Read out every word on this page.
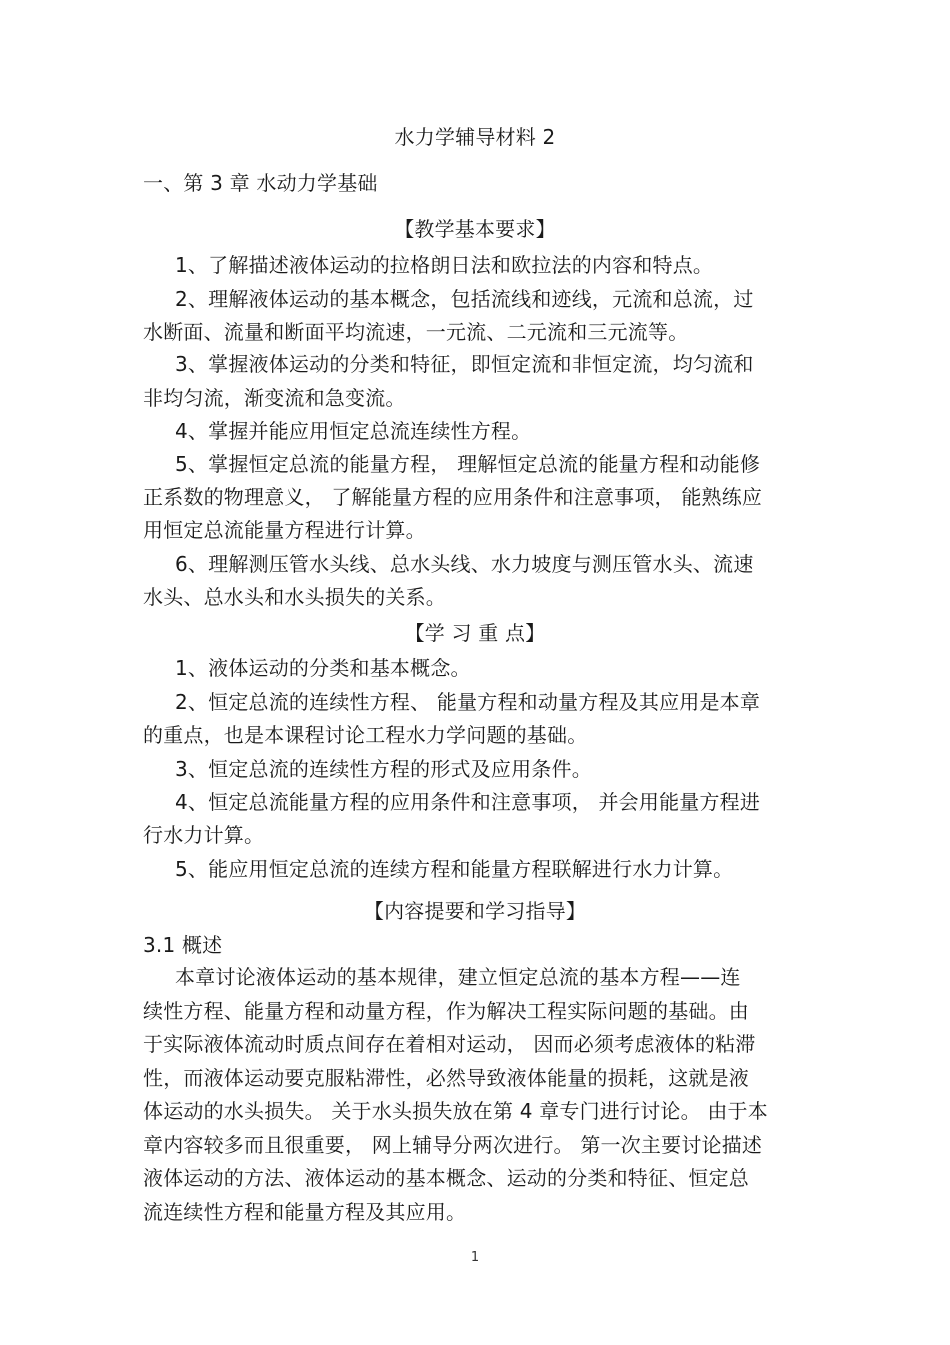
水力学辅导材料 2
一、第 3 章 水动力学基础
【教学基本要求】
1、了解描述液体运动的拉格朗日法和欧拉法的内容和特点。
2、理解液体运动的基本概念，包括流线和迹线，元流和总流，过
水断面、流量和断面平均流速，一元流、二元流和三元流等。
3、掌握液体运动的分类和特征，即恒定流和非恒定流，均匀流和
非均匀流，渐变流和急变流。
4、掌握并能应用恒定总流连续性方程。
5、掌握恒定总流的能量方程， 理解恒定总流的能量方程和动能修
正系数的物理意义， 了解能量方程的应用条件和注意事项， 能熟练应
用恒定总流能量方程进行计算。
6、理解测压管水头线、总水头线、水力坡度与测压管水头、流速
水头、总水头和水头损失的关系。
【学 习 重 点】
1、液体运动的分类和基本概念。
2、恒定总流的连续性方程、 能量方程和动量方程及其应用是本章
的重点，也是本课程讨论工程水力学问题的基础。
3、恒定总流的连续性方程的形式及应用条件。
4、恒定总流能量方程的应用条件和注意事项， 并会用能量方程进
行水力计算。
5、能应用恒定总流的连续方程和能量方程联解进行水力计算。
【内容提要和学习指导】
3.1 概述
本章讨论液体运动的基本规律，建立恒定总流的基本方程——连
续性方程、能量方程和动量方程，作为解决工程实际问题的基础。由
于实际液体流动时质点间存在着相对运动， 因而必须考虑液体的粘滞
性，而液体运动要克服粘滞性，必然导致液体能量的损耗，这就是液
体运动的水头损失。 关于水头损失放在第 4 章专门进行讨论。 由于本
章内容较多而且很重要， 网上辅导分两次进行。 第一次主要讨论描述
液体运动的方法、液体运动的基本概念、运动的分类和特征、恒定总
流连续性方程和能量方程及其应用。
1
